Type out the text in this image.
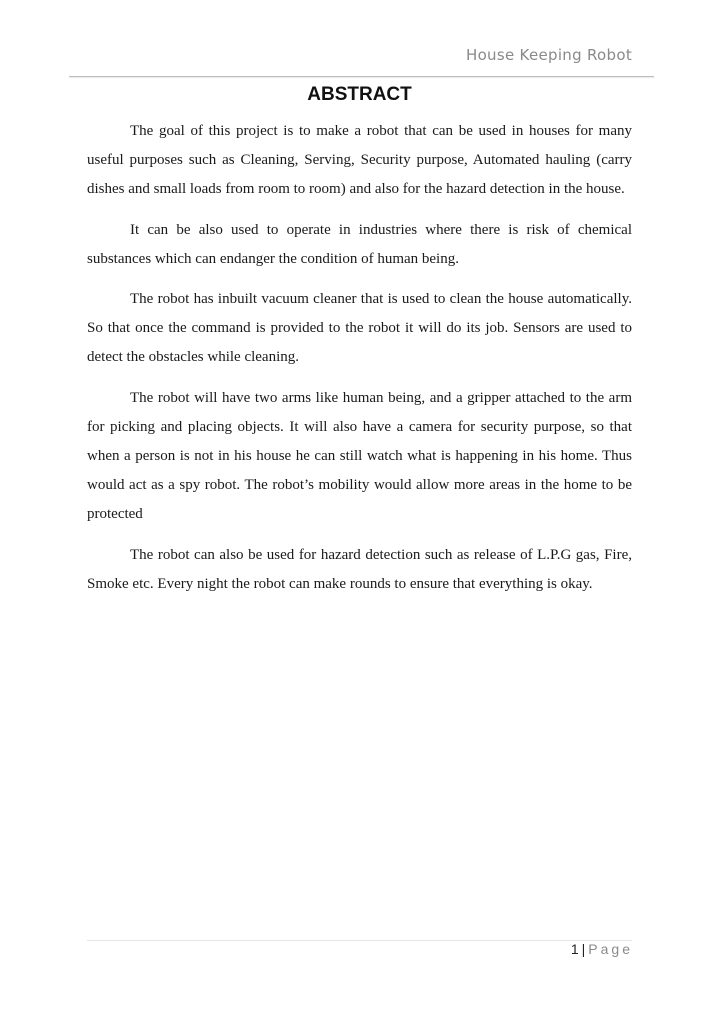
House Keeping Robot
ABSTRACT

The goal of this project is to make a robot that can be used in houses for many useful purposes such as Cleaning, Serving, Security purpose, Automated hauling (carry dishes and small loads from room to room) and also for the hazard detection in the house.

It can be also used to operate in industries where there is risk of chemical substances which can endanger the condition of human being.

The robot has inbuilt vacuum cleaner that is used to clean the house automatically. So that once the command is provided to the robot it will do its job. Sensors are used to detect the obstacles while cleaning.

The robot will have two arms like human being, and a gripper attached to the arm for picking and placing objects. It will also have a camera for security purpose, so that when a person is not in his house he can still watch what is happening in his home. Thus would act as a spy robot. The robot’s mobility would allow more areas in the home to be protected

The robot can also be used for hazard detection such as release of L.P.G gas, Fire, Smoke etc. Every night the robot can make rounds to ensure that everything is okay.

1 | Page
